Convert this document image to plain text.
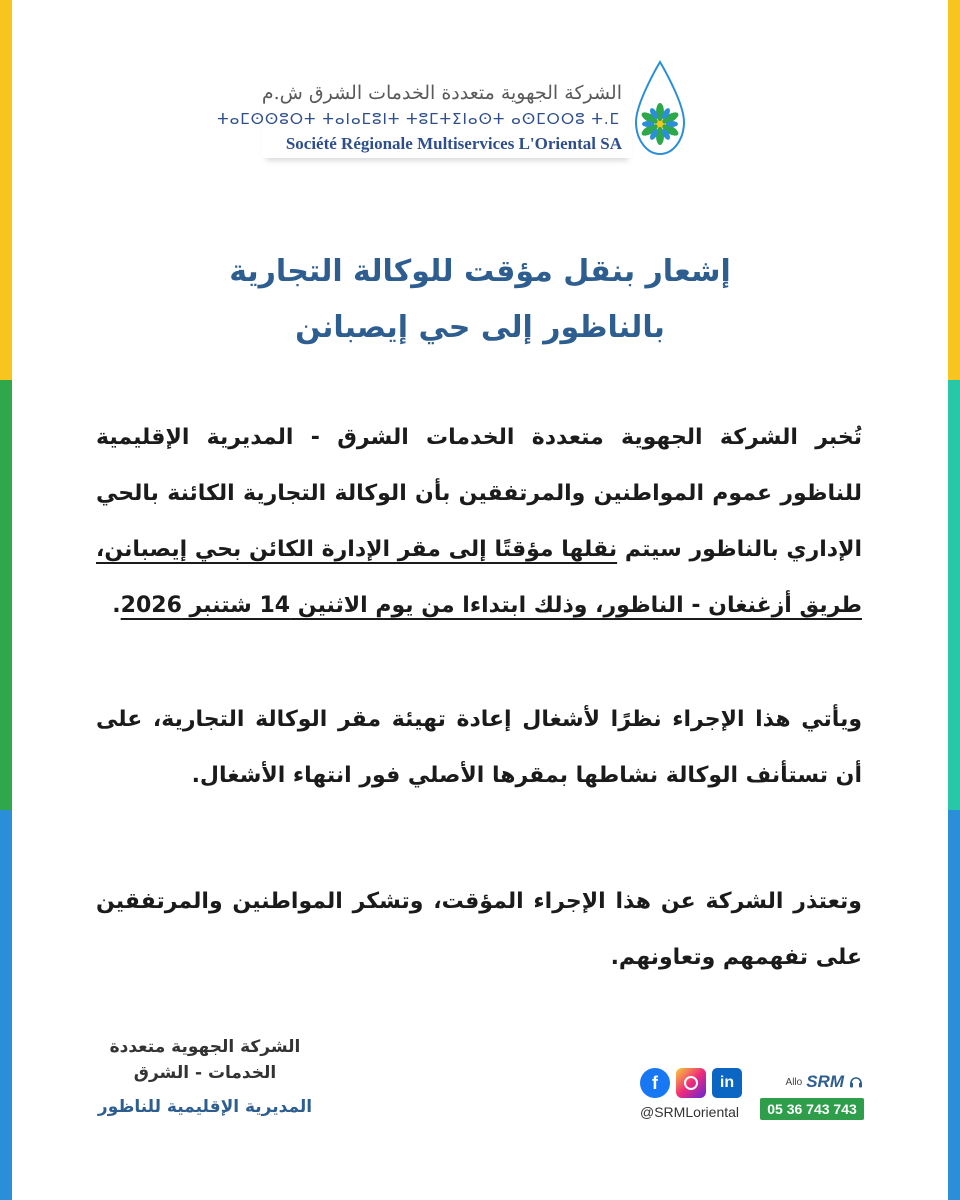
الشركة الجهوية متعددة الخدمات الشرق ش.م
ⵜⴰⵎⵙⵙⵓⵔⵜ ⵜⴰⵏⴰⵎⵓⵏⵜ ⵜⵓⵎⵜⵉⵏⴰⵙⵜ ⴰⵙⵎⵔⵔⵓ ⵜ.ⵎ
Société Régionale Multiservices L'Oriental SA
إشعار بنقل مؤقت للوكالة التجارية
بالناظور إلى حي إيصبانن

تُخبر الشركة الجهوية متعددة الخدمات الشرق - المديرية الإقليمية للناظور عموم المواطنين والمرتفقين بأن الوكالة التجارية الكائنة بالحي الإداري بالناظور سيتم نقلها مؤقتًا إلى مقر الإدارة الكائن بحي إيصبانن، طريق أزغنغان - الناظور، وذلك ابتداءا من يوم الاثنين 14 شتنبر 2026.

ويأتي هذا الإجراء نظرًا لأشغال إعادة تهيئة مقر الوكالة التجارية، على أن تستأنف الوكالة نشاطها بمقرها الأصلي فور انتهاء الأشغال.

وتعتذر الشركة عن هذا الإجراء المؤقت، وتشكر المواطنين والمرتفقين على تفهمهم وتعاونهم.

الشركة الجهوية متعددة
الخدمات - الشرق
المديرية الإقليمية للناظور
f	in
@SRMLoriental
Allo SRM
05 36 743 743
